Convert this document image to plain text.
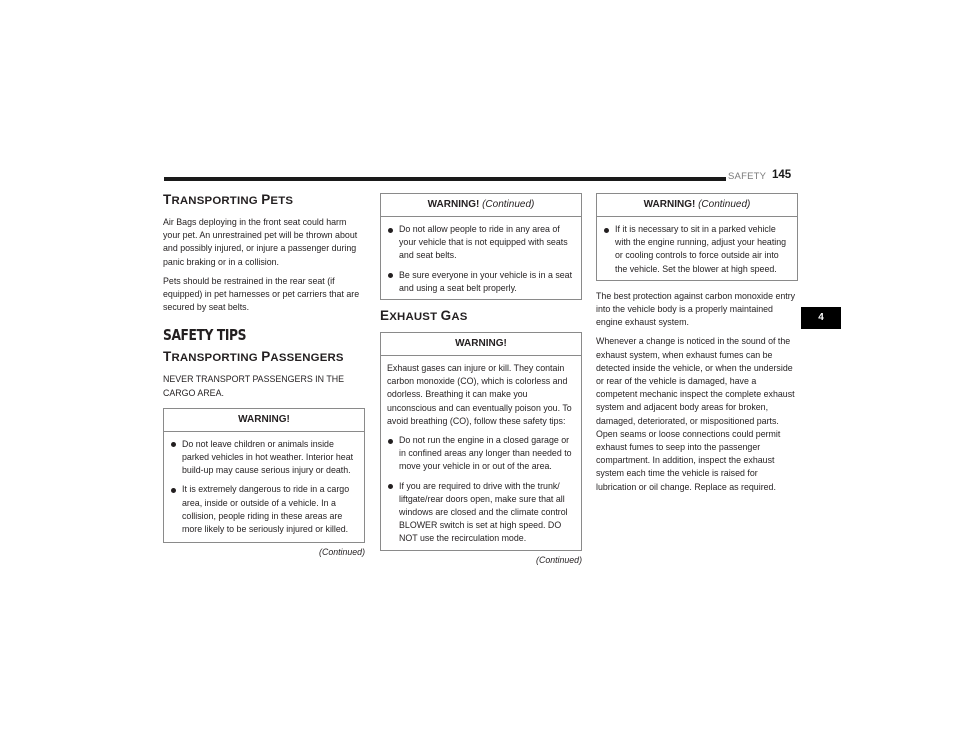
SAFETY 145
TRANSPORTING PETS

Air Bags deploying in the front seat could harm your pet. An unrestrained pet will be thrown about and possibly injured, or injure a passenger during panic braking or in a collision.

Pets should be restrained in the rear seat (if equipped) in pet harnesses or pet carriers that are secured by seat belts.

SAFETY TIPS
TRANSPORTING PASSENGERS

NEVER TRANSPORT PASSENGERS IN THE CARGO AREA.

WARNING!
Do not leave children or animals inside parked vehicles in hot weather. Interior heat build-up may cause serious injury or death.
It is extremely dangerous to ride in a cargo area, inside or outside of a vehicle. In a collision, people riding in these areas are more likely to be seriously injured or killed.
(Continued)
WARNING! (Continued)
Do not allow people to ride in any area of your vehicle that is not equipped with seats and seat belts.
Be sure everyone in your vehicle is in a seat and using a seat belt properly.
EXHAUST GAS
WARNING!

Exhaust gases can injure or kill. They contain carbon monoxide (CO), which is colorless and odorless. Breathing it can make you unconscious and can eventually poison you. To avoid breathing (CO), follow these safety tips:

Do not run the engine in a closed garage or in confined areas any longer than needed to move your vehicle in or out of the area.
If you are required to drive with the trunk/ liftgate/rear doors open, make sure that all windows are closed and the climate control BLOWER switch is set at high speed. DO NOT use the recirculation mode.
(Continued)
WARNING! (Continued)
If it is necessary to sit in a parked vehicle with the engine running, adjust your heating or cooling controls to force outside air into the vehicle. Set the blower at high speed.

The best protection against carbon monoxide entry into the vehicle body is a properly maintained engine exhaust system.

Whenever a change is noticed in the sound of the exhaust system, when exhaust fumes can be detected inside the vehicle, or when the underside or rear of the vehicle is damaged, have a competent mechanic inspect the complete exhaust system and adjacent body areas for broken, damaged, deteriorated, or mispositioned parts. Open seams or loose connections could permit exhaust fumes to seep into the passenger compartment. In addition, inspect the exhaust system each time the vehicle is raised for lubrication or oil change. Replace as required.

4
